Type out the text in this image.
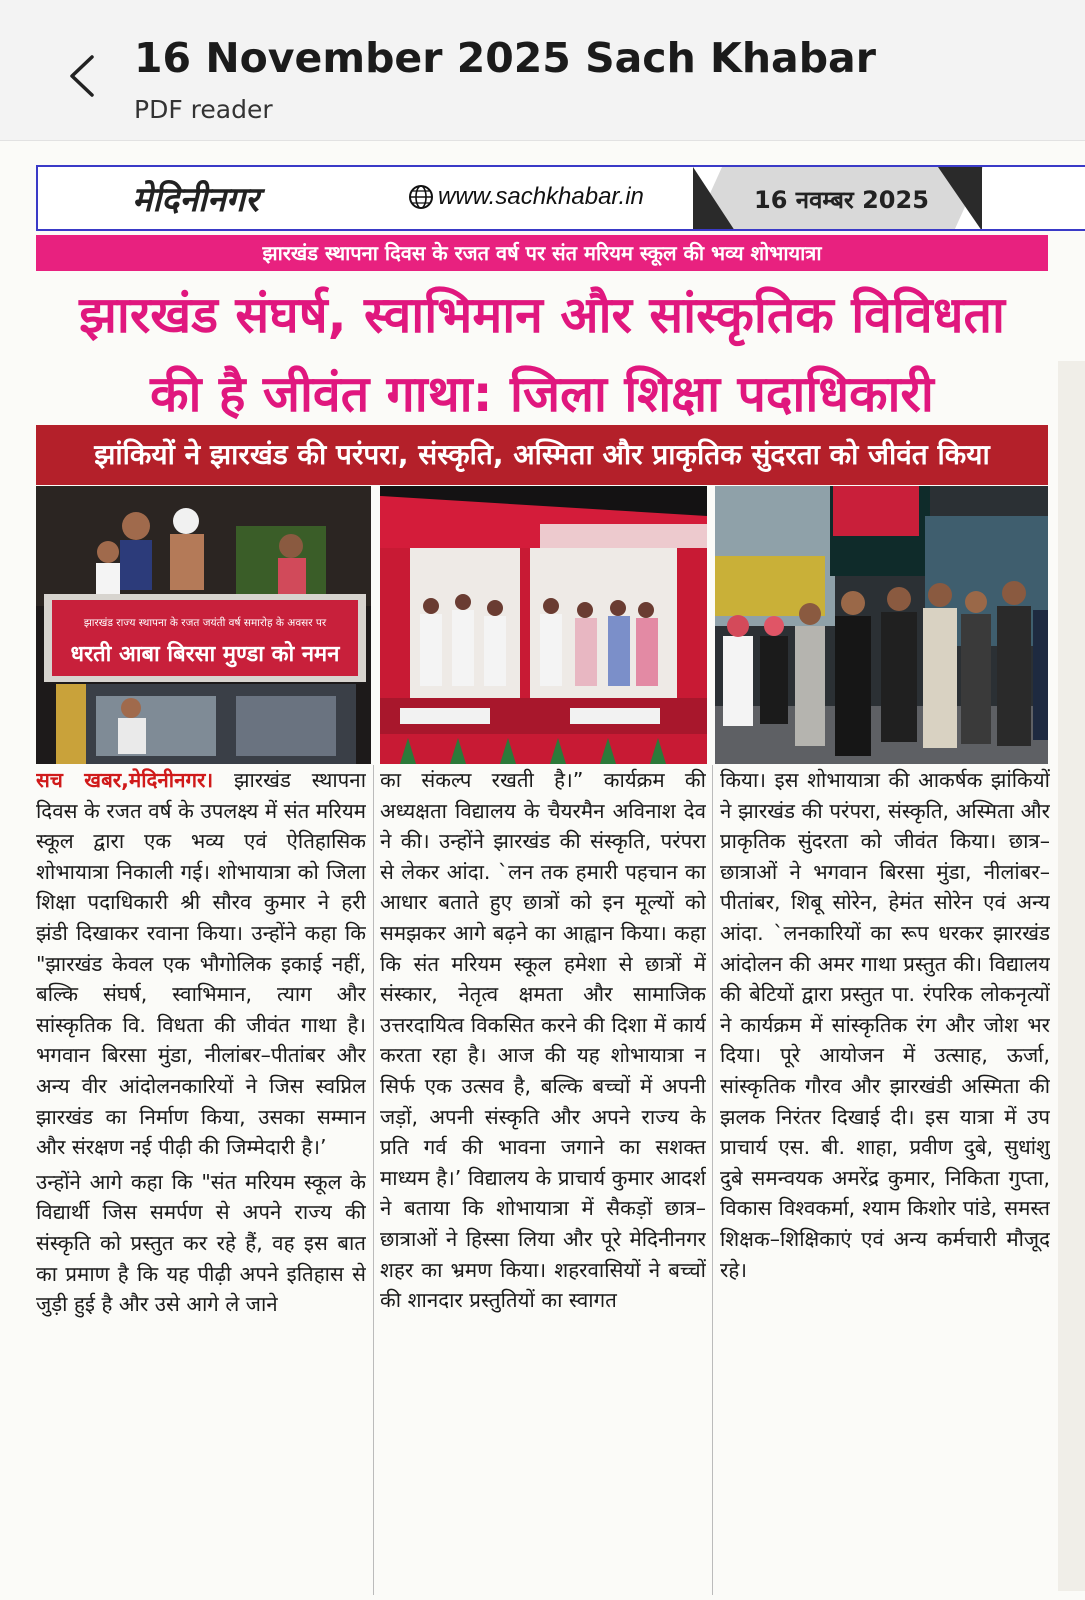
16 November 2025 Sach Khabar
PDF reader
मेदिनीनगर	www.sachkhabar.in	16 नवम्बर 2025
झारखंड स्थापना दिवस के रजत वर्ष पर संत मरियम स्कूल की भव्य शोभायात्रा
झारखंड संघर्ष, स्वाभिमान और सांस्कृतिक विविधता
की है जीवंत गाथा: जिला शिक्षा पदाधिकारी
झांकियों ने झारखंड की परंपरा, संस्कृति, अस्मिता और प्राकृतिक सुंदरता को जीवंत किया
झारखंड राज्य स्थापना के रजत जयंती वर्ष समारोह के अवसर पर
धरती आबा बिरसा मुण्डा को नमन

सच खबर,मेदिनीनगर। झारखंड स्थापना दिवस के रजत वर्ष के उपलक्ष्य में संत मरियम स्कूल द्वारा एक भव्य एवं ऐतिहासिक शोभायात्रा निकाली गई। शोभायात्रा को जिला शिक्षा पदाधिकारी श्री सौरव कुमार ने हरी झंडी दिखाकर रवाना किया। उन्होंने कहा कि "झारखंड केवल एक भौगोलिक इकाई नहीं, बल्कि संघर्ष, स्वाभिमान, त्याग और सांस्कृतिक वि. विधता की जीवंत गाथा है। भगवान बिरसा मुंडा, नीलांबर–पीतांबर और अन्य वीर आंदोलनकारियों ने जिस स्वप्निल झारखंड का निर्माण किया, उसका सम्मान और संरक्षण नई पीढ़ी की जिम्मेदारी है।’

उन्होंने आगे कहा कि "संत मरियम स्कूल के विद्यार्थी जिस समर्पण से अपने राज्य की संस्कृति को प्रस्तुत कर रहे हैं, वह इस बात का प्रमाण है कि यह पीढ़ी अपने इतिहास से जुड़ी हुई है और उसे आगे ले जाने

का संकल्प रखती है।” कार्यक्रम की अध्यक्षता विद्यालय के चैयरमैन अविनाश देव ने की। उन्होंने झारखंड की संस्कृति, परंपरा से लेकर आंदा. `लन तक हमारी पहचान का आधार बताते हुए छात्रों को इन मूल्यों को समझकर आगे बढ़ने का आह्वान किया। कहा कि संत मरियम स्कूल हमेशा से छात्रों में संस्कार, नेतृत्व क्षमता और सामाजिक उत्तरदायित्व विकसित करने की दिशा में कार्य करता रहा है। आज की यह शोभायात्रा न सिर्फ एक उत्सव है, बल्कि बच्चों में अपनी जड़ों, अपनी संस्कृति और अपने राज्य के प्रति गर्व की भावना जगाने का सशक्त माध्यम है।’ विद्यालय के प्राचार्य कुमार आदर्श ने बताया कि शोभायात्रा में सैकड़ों छात्र–छात्राओं ने हिस्सा लिया और पूरे मेदिनीनगर शहर का भ्रमण किया। शहरवासियों ने बच्चों की शानदार प्रस्तुतियों का स्वागत

किया। इस शोभायात्रा की आकर्षक झांकियों ने झारखंड की परंपरा, संस्कृति, अस्मिता और प्राकृतिक सुंदरता को जीवंत किया। छात्र–छात्राओं ने भगवान बिरसा मुंडा, नीलांबर–पीतांबर, शिबू सोरेन, हेमंत सोरेन एवं अन्य आंदा. `लनकारियों का रूप धरकर झारखंड आंदोलन की अमर गाथा प्रस्तुत की। विद्यालय की बेटियों द्वारा प्रस्तुत पा. रंपरिक लोकनृत्यों ने कार्यक्रम में सांस्कृतिक रंग और जोश भर दिया। पूरे आयोजन में उत्साह, ऊर्जा, सांस्कृतिक गौरव और झारखंडी अस्मिता की झलक निरंतर दिखाई दी। इस यात्रा में उप प्राचार्य एस. बी. शाहा, प्रवीण दुबे, सुधांशु दुबे समन्वयक अमरेंद्र कुमार, निकिता गुप्ता, विकास विश्वकर्मा, श्याम किशोर पांडे, समस्त शिक्षक–शिक्षिकाएं एवं अन्य कर्मचारी मौजूद रहे।
